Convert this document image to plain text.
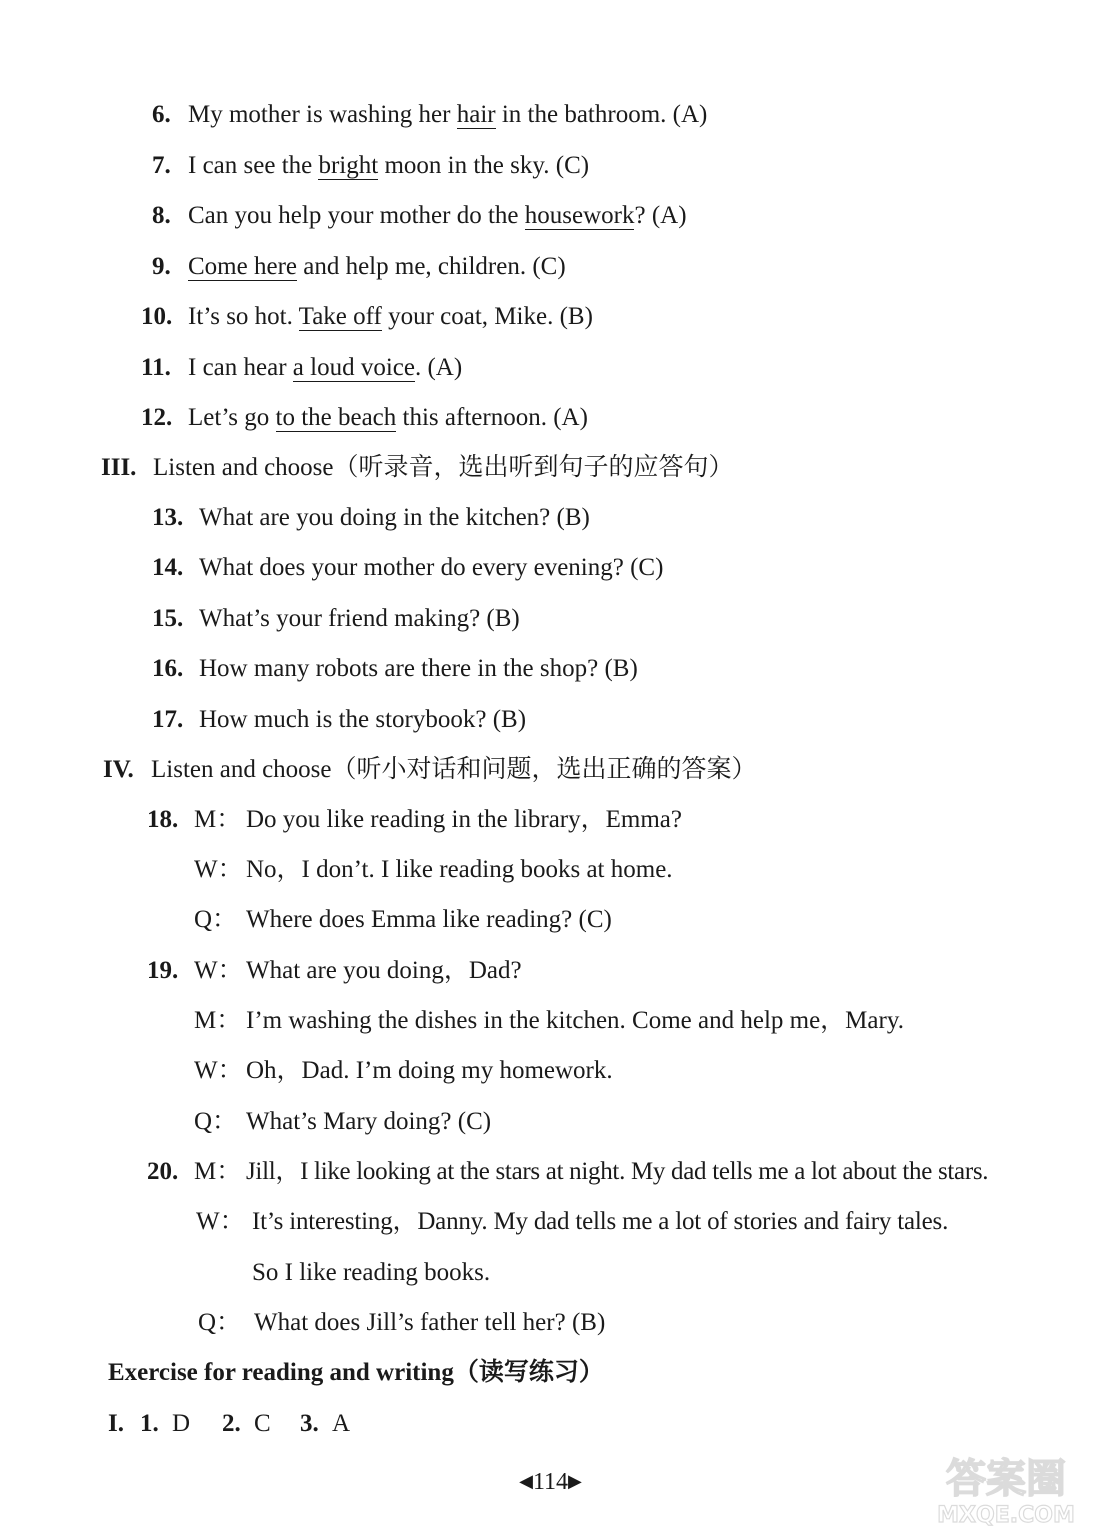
6. My mother is washing her hair in the bathroom. (A)
7. I can see the bright moon in the sky. (C)
8. Can you help your mother do the housework? (A)
9. Come here and help me, children. (C)
10. It’s so hot. Take off your coat, Mike. (B)
11. I can hear a loud voice. (A)
12. Let’s go to the beach this afternoon. (A)
III. Listen and choose（听录音，选出听到句子的应答句）
13. What are you doing in the kitchen? (B)
14. What does your mother do every evening? (C)
15. What’s your friend making? (B)
16. How many robots are there in the shop? (B)
17. How much is the storybook? (B)
IV. Listen and choose（听小对话和问题，选出正确的答案）
18. M： Do you like reading in the library，Emma?
W： No，I don’t. I like reading books at home.
Q： Where does Emma like reading? (C)
19. W： What are you doing，Dad?
M： I’m washing the dishes in the kitchen. Come and help me，Mary.
W： Oh，Dad. I’m doing my homework.
Q： What’s Mary doing? (C)
20. M： Jill，I like looking at the stars at night. My dad tells me a lot about the stars.
W： It’s interesting，Danny. My dad tells me a lot of stories and fairy tales.
So I like reading books.
Q： What does Jill’s father tell her? (B)
Exercise for reading and writing（读写练习）
I. 1. D 2. C 3. A
◀114▶	答案圈
MXQE.COM
